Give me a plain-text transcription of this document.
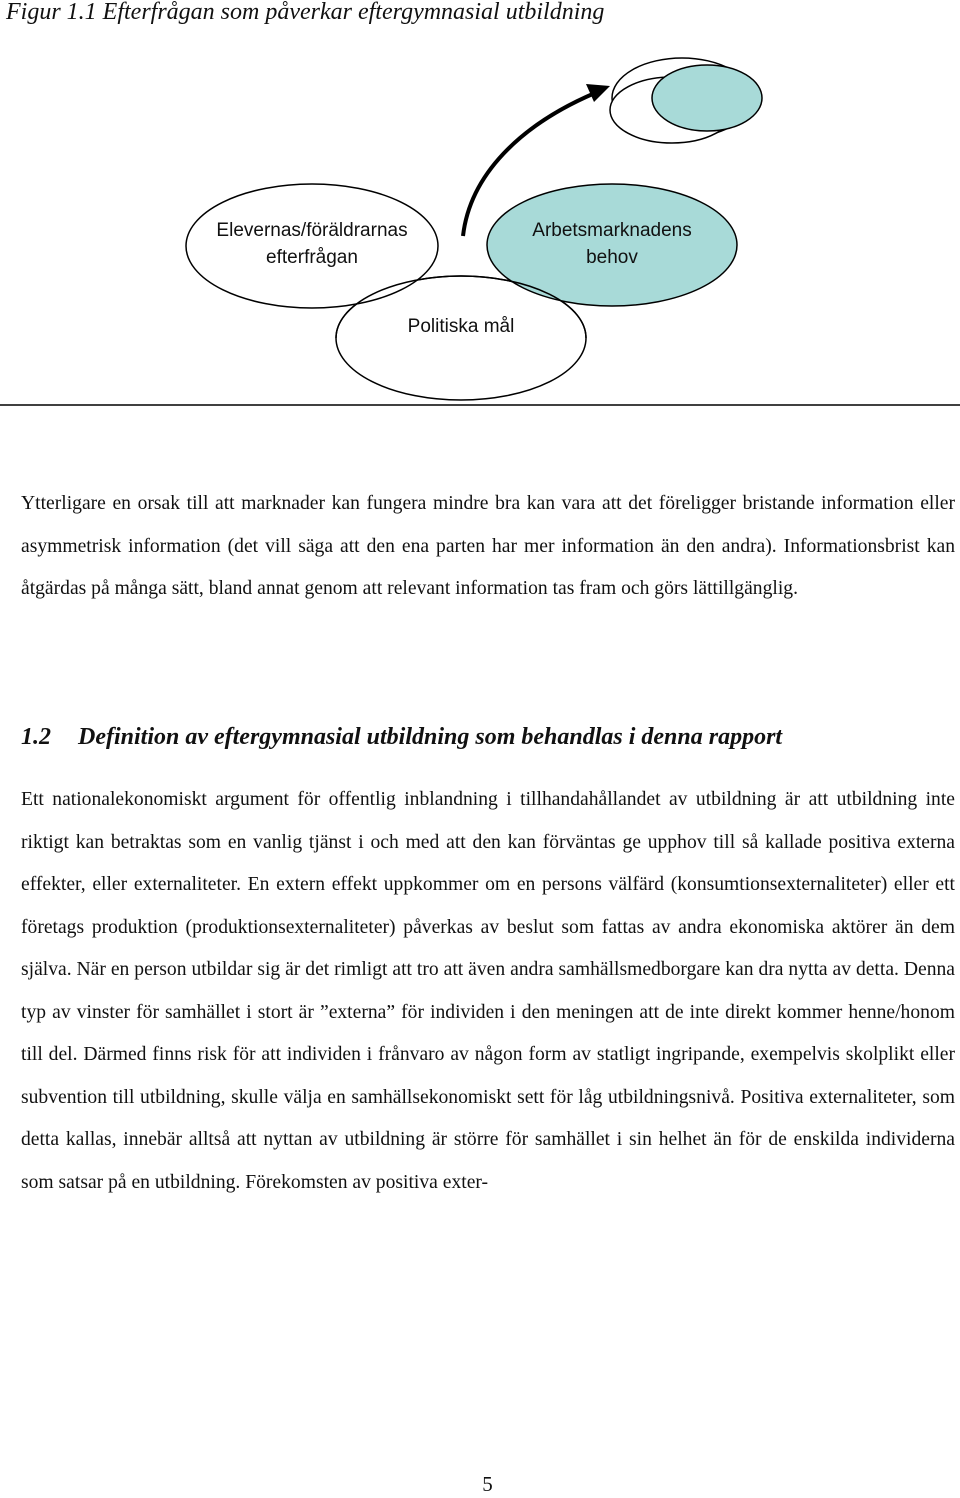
Figur 1.1 Efterfrågan som påverkar eftergymnasial utbildning
Elevernas/föräldrarnas
efterfrågan
Arbetsmarknadens
behov
Politiska mål

Ytterligare en orsak till att marknader kan fungera mindre bra kan vara att det föreligger bristande information eller asymmetrisk information (det vill säga att den ena parten har mer information än den andra). Informationsbrist kan åtgärdas på många sätt, bland annat genom att relevant information tas fram och görs lättillgänglig.

1.2 Definition av eftergymnasial utbildning som behandlas i denna rapport

Ett nationalekonomiskt argument för offentlig inblandning i tillhandahållandet av utbildning är att utbildning inte riktigt kan betraktas som en vanlig tjänst i och med att den kan förväntas ge upphov till så kallade positiva externa effekter, eller externaliteter. En extern effekt uppkommer om en persons välfärd (konsumtionsexternaliteter) eller ett företags produktion (produktionsexternaliteter) påverkas av beslut som fattas av andra ekonomiska aktörer än dem själva. När en person utbildar sig är det rimligt att tro att även andra samhällsmedborgare kan dra nytta av detta. Denna typ av vinster för samhället i stort är ”externa” för individen i den meningen att de inte direkt kommer henne/honom till del. Därmed finns risk för att individen i frånvaro av någon form av statligt ingripande, exempelvis skolplikt eller subvention till utbildning, skulle välja en samhällsekonomiskt sett för låg utbildningsnivå. Positiva externaliteter, som detta kallas, innebär alltså att nyttan av utbildning är större för samhället i sin helhet än för de enskilda individerna som satsar på en utbildning. Förekomsten av positiva exter-

5
